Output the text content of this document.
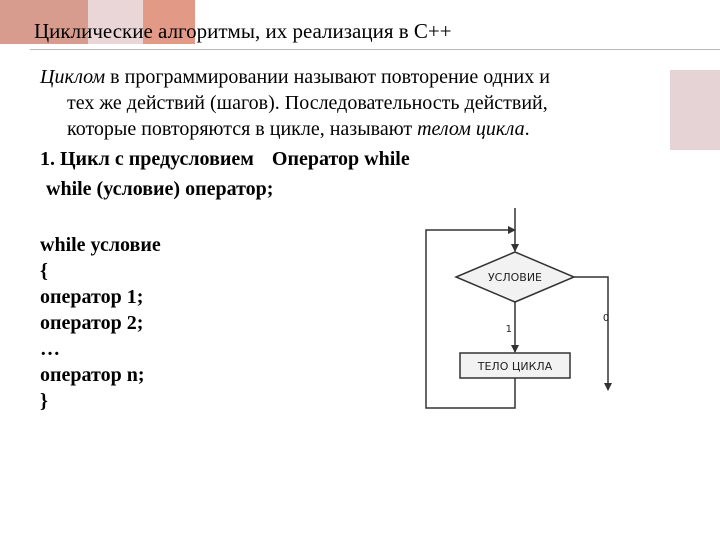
Циклические алгоритмы, их реализация в С++
Циклом в программировании называют повторение одних и
тех же действий (шагов). Последовательность действий,
которые повторяются в цикле, называют телом цикла.
1. Цикл с предусловием Оператор while
while (условие) оператор;
while условие
{
оператор 1;
оператор 2;
…
оператор n;
}
УСЛОВИЕ
1
0
ТЕЛО ЦИКЛА
